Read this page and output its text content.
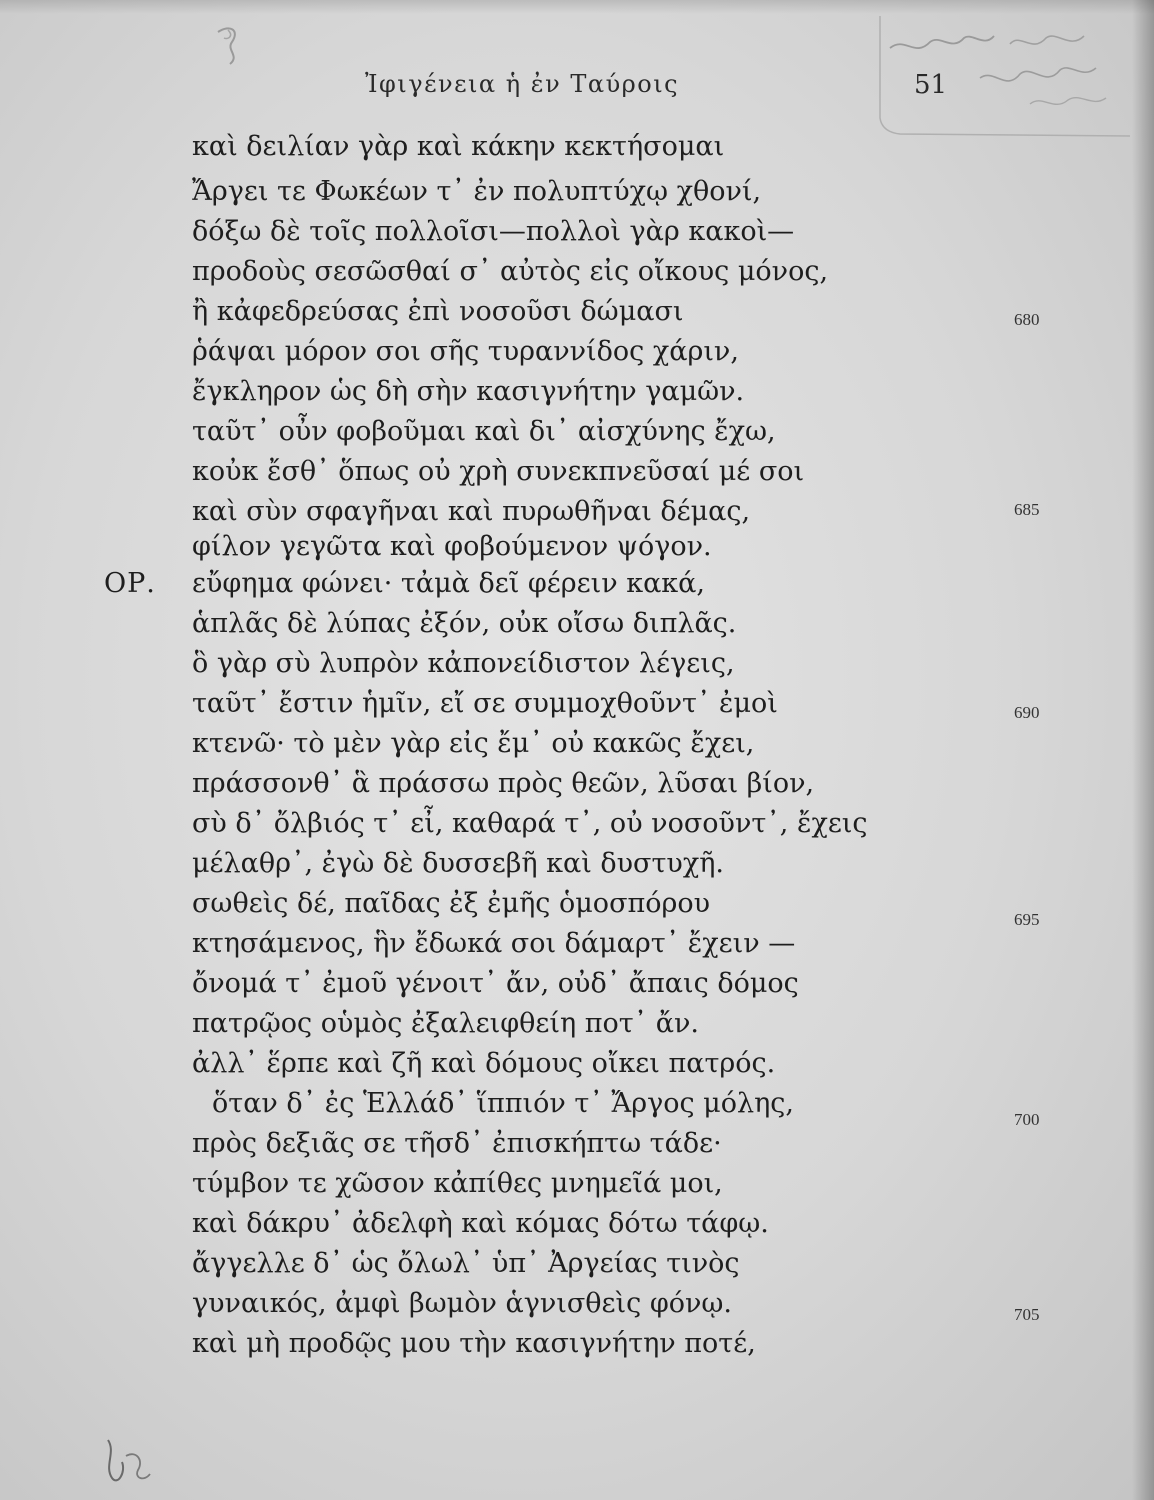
Ἰφιγένεια ἡ ἐν Ταύροις	51
ΟΡ.
καὶ δειλίαν γὰρ καὶ κάκην κεκτήσομαι
Ἄργει τε Φωκέων τ᾽ ἐν πολυπτύχῳ χθονί,
δόξω δὲ τοῖς πολλοῖσι—πολλοὶ γὰρ κακοὶ—
προδοὺς σεσῶσθαί σ᾽ αὐτὸς εἰς οἴκους μόνος,
ἢ κἀφεδρεύσας ἐπὶ νοσοῦσι δώμασι
ῥάψαι μόρον σοι σῆς τυραννίδος χάριν,
ἔγκληρον ὡς δὴ σὴν κασιγνήτην γαμῶν.
ταῦτ᾽ οὖν φοβοῦμαι καὶ δι᾽ αἰσχύνης ἔχω,
κοὐκ ἔσθ᾽ ὅπως οὐ χρὴ συνεκπνεῦσαί μέ σοι
καὶ σὺν σφαγῆναι καὶ πυρωθῆναι δέμας,
φίλον γεγῶτα καὶ φοβούμενον ψόγον.
εὔφημα φώνει· τἀμὰ δεῖ φέρειν κακά,
ἁπλᾶς δὲ λύπας ἐξόν, οὐκ οἴσω διπλᾶς.
ὃ γὰρ σὺ λυπρὸν κἀπονείδιστον λέγεις,
ταῦτ᾽ ἔστιν ἡμῖν, εἴ σε συμμοχθοῦντ᾽ ἐμοὶ
κτενῶ· τὸ μὲν γὰρ εἰς ἔμ᾽ οὐ κακῶς ἔχει,
πράσσονθ᾽ ἃ πράσσω πρὸς θεῶν, λῦσαι βίον,
σὺ δ᾽ ὄλβιός τ᾽ εἶ, καθαρά τ᾽, οὐ νοσοῦντ᾽, ἔχεις
μέλαθρ᾽, ἐγὼ δὲ δυσσεβῆ καὶ δυστυχῆ.
σωθεὶς δέ, παῖδας ἐξ ἐμῆς ὁμοσπόρου
κτησάμενος, ἣν ἔδωκά σοι δάμαρτ᾽ ἔχειν —
ὄνομά τ᾽ ἐμοῦ γένοιτ᾽ ἄν, οὐδ᾽ ἄπαις δόμος
πατρῷος οὑμὸς ἐξαλειφθείη ποτ᾽ ἄν.
ἀλλ᾽ ἕρπε καὶ ζῆ καὶ δόμους οἴκει πατρός.
ὅταν δ᾽ ἐς Ἑλλάδ᾽ ἵππιόν τ᾽ Ἄργος μόλης,
πρὸς δεξιᾶς σε τῆσδ᾽ ἐπισκήπτω τάδε·
τύμβον τε χῶσον κἀπίθες μνημεῖά μοι,
καὶ δάκρυ᾽ ἀδελφὴ καὶ κόμας δότω τάφῳ.
ἄγγελλε δ᾽ ὡς ὄλωλ᾽ ὑπ᾽ Ἀργείας τινὸς
γυναικός, ἀμφὶ βωμὸν ἁγνισθεὶς φόνῳ.
καὶ μὴ προδῷς μου τὴν κασιγνήτην ποτέ,
680
685
690
695
700
705
